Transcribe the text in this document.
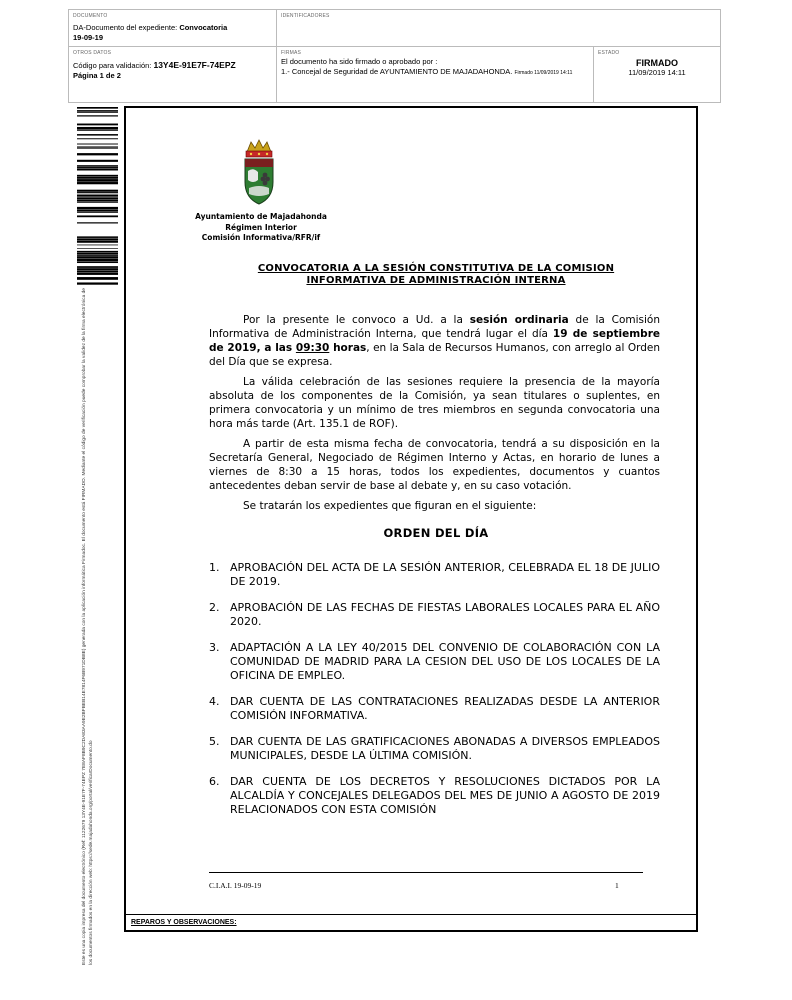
DOCUMENTO
DA-Documento del expediente: Convocatoria
19-09-19
IDENTIFICADORES
OTROS DATOS
Código para validación: 13Y4E-91E7F-74EPZ
Página 1 de 2
FIRMAS
El documento ha sido firmado o aprobado por :
1.- Concejal de Seguridad de AYUNTAMIENTO DE MAJADAHONDA. Firmado 11/09/2019 14:11
ESTADO
FIRMADO
11/09/2019 14:11
Este es una copia impresa del documento electrónico (Ref: 1122679 13Y4E-91E7F-74EPZ 7E8AF8B9C2DA83AA9E2BFBEB14E7814F6B971DB8E) generada con la aplicación informática Firmadoc. El documento está FIRMADO. Mediante el código de verificación puede comprobar la validez de la firma electrónica de los documentos firmados en la dirección web: https://sede.majadahonda.org/portal/verificarDocumento.do
Ayuntamiento de Majadahonda
Régimen Interior
Comisión Informativa/RFR/if
CONVOCATORIA A LA SESIÓN CONSTITUTIVA DE LA COMISION
INFORMATIVA DE ADMINISTRACIÓN INTERNA

Por la presente le convoco a Ud. a la sesión ordinaria de la Comisión Informativa de Administración Interna, que tendrá lugar el día 19 de septiembre de 2019, a las 09:30 horas, en la Sala de Recursos Humanos, con arreglo al Orden del Día que se expresa.

La válida celebración de las sesiones requiere la presencia de la mayoría absoluta de los componentes de la Comisión, ya sean titulares o suplentes, en primera convocatoria y un mínimo de tres miembros en segunda convocatoria una hora más tarde (Art. 135.1 de ROF).

A partir de esta misma fecha de convocatoria, tendrá a su disposición en la Secretaría General, Negociado de Régimen Interno y Actas, en horario de lunes a viernes de 8:30 a 15 horas, todos los expedientes, documentos y cuantos antecedentes deban servir de base al debate y, en su caso votación.

Se tratarán los expedientes que figuran en el siguiente:

ORDEN DEL DÍA
1. APROBACIÓN DEL ACTA DE LA SESIÓN ANTERIOR, CELEBRADA EL 18 DE JULIO DE 2019.
2. APROBACIÓN DE LAS FECHAS DE FIESTAS LABORALES LOCALES PARA EL AÑO 2020.
3. ADAPTACIÓN A LA LEY 40/2015 DEL CONVENIO DE COLABORACIÓN CON LA COMUNIDAD DE MADRID PARA LA CESION DEL USO DE LOS LOCALES DE LA OFICINA DE EMPLEO.
4. DAR CUENTA DE LAS CONTRATACIONES REALIZADAS DESDE LA ANTERIOR COMISIÓN INFORMATIVA.
5. DAR CUENTA DE LAS GRATIFICACIONES ABONADAS A DIVERSOS EMPLEADOS MUNICIPALES, DESDE LA ÚLTIMA COMISIÓN.
6. DAR CUENTA DE LOS DECRETOS Y RESOLUCIONES DICTADOS POR LA ALCALDÍA Y CONCEJALES DELEGADOS DEL MES DE JUNIO A AGOSTO DE 2019 RELACIONADOS CON ESTA COMISIÓN
C.I.A.I. 19-09-19	1
REPAROS Y OBSERVACIONES:
